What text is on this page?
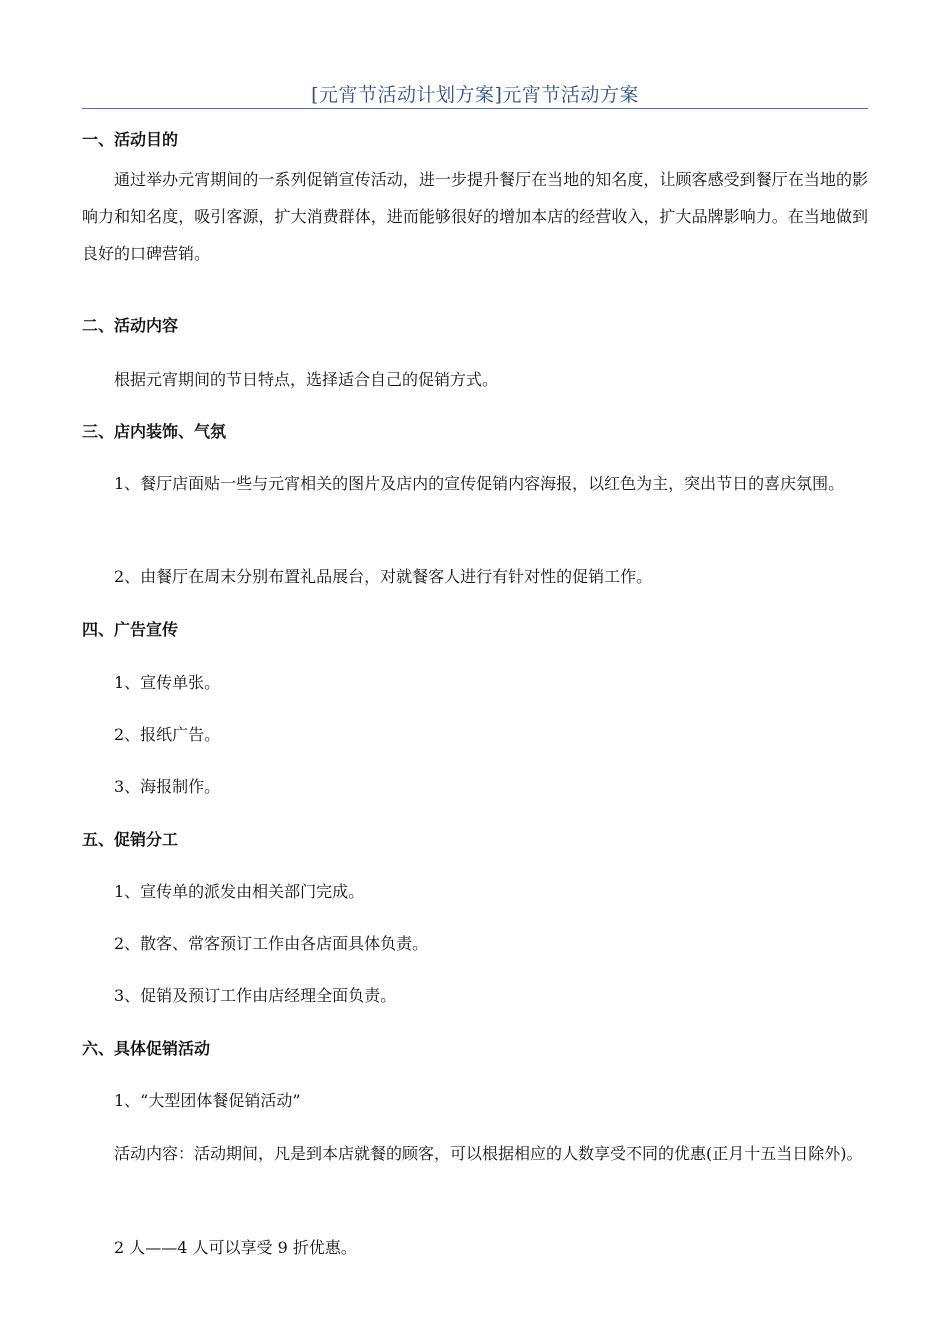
[元宵节活动计划方案]元宵节活动方案
一、活动目的
通过举办元宵期间的一系列促销宣传活动，进一步提升餐厅在当地的知名度，让顾客感受到餐厅在当地的影响力和知名度，吸引客源，扩大消费群体，进而能够很好的增加本店的经营收入，扩大品牌影响力。在当地做到良好的口碑营销。
二、活动内容
根据元宵期间的节日特点，选择适合自己的促销方式。
三、店内装饰、气氛
1、餐厅店面贴一些与元宵相关的图片及店内的宣传促销内容海报，以红色为主，突出节日的喜庆氛围。
2、由餐厅在周末分别布置礼品展台，对就餐客人进行有针对性的促销工作。
四、广告宣传
1、宣传单张。
2、报纸广告。
3、海报制作。
五、促销分工
1、宣传单的派发由相关部门完成。
2、散客、常客预订工作由各店面具体负责。
3、促销及预订工作由店经理全面负责。
六、具体促销活动
1、“大型团体餐促销活动”
活动内容：活动期间，凡是到本店就餐的顾客，可以根据相应的人数享受不同的优惠(正月十五当日除外)。
2 人——4 人可以享受 9 折优惠。
